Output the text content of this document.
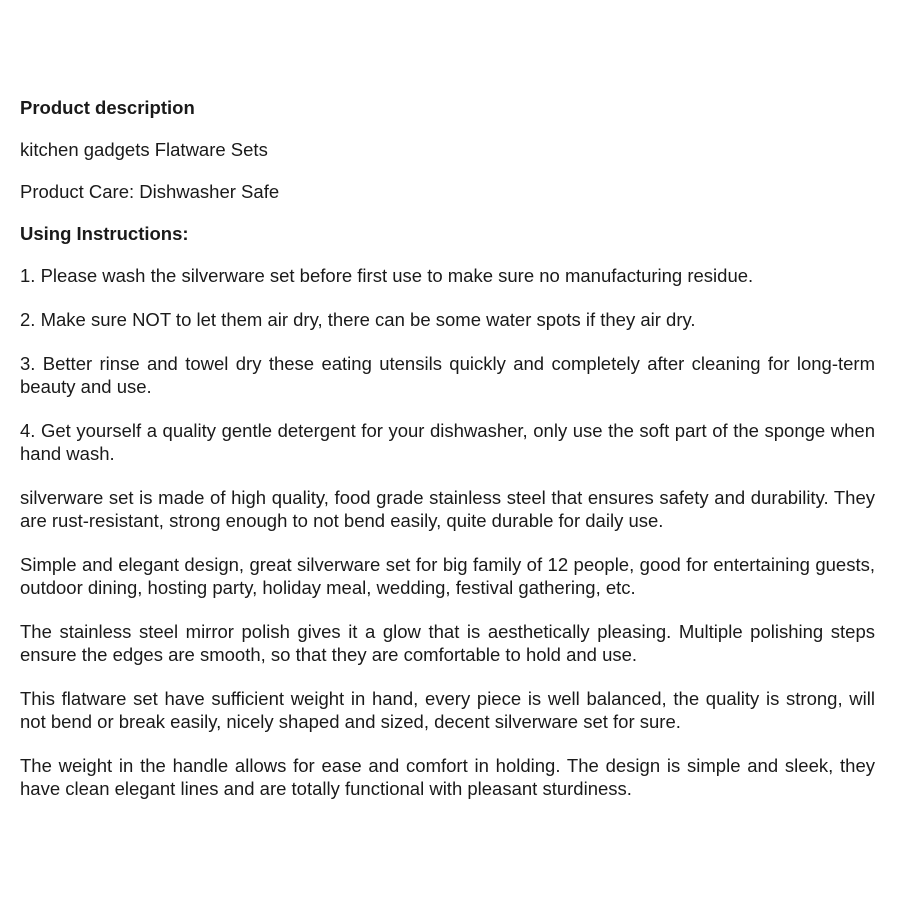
Product description

kitchen gadgets Flatware Sets

Product Care: Dishwasher Safe

Using Instructions:

1. Please wash the silverware set before first use to make sure no manufacturing residue.

2. Make sure NOT to let them air dry, there can be some water spots if they air dry.

3. Better rinse and towel dry these eating utensils quickly and completely after cleaning for long-term beauty and use.

4. Get yourself a quality gentle detergent for your dishwasher, only use the soft part of the sponge when hand wash.

silverware set is made of high quality, food grade stainless steel that ensures safety and durability. They are rust-resistant, strong enough to not bend easily, quite durable for daily use.

Simple and elegant design, great silverware set for big family of 12 people, good for entertaining guests, outdoor dining, hosting party, holiday meal, wedding, festival gathering, etc.

The stainless steel mirror polish gives it a glow that is aesthetically pleasing. Multiple polishing steps ensure the edges are smooth, so that they are comfortable to hold and use.

This flatware set have sufficient weight in hand, every piece is well balanced, the quality is strong, will not bend or break easily, nicely shaped and sized, decent silverware set for sure.

The weight in the handle allows for ease and comfort in holding. The design is simple and sleek, they have clean elegant lines and are totally functional with pleasant sturdiness.
